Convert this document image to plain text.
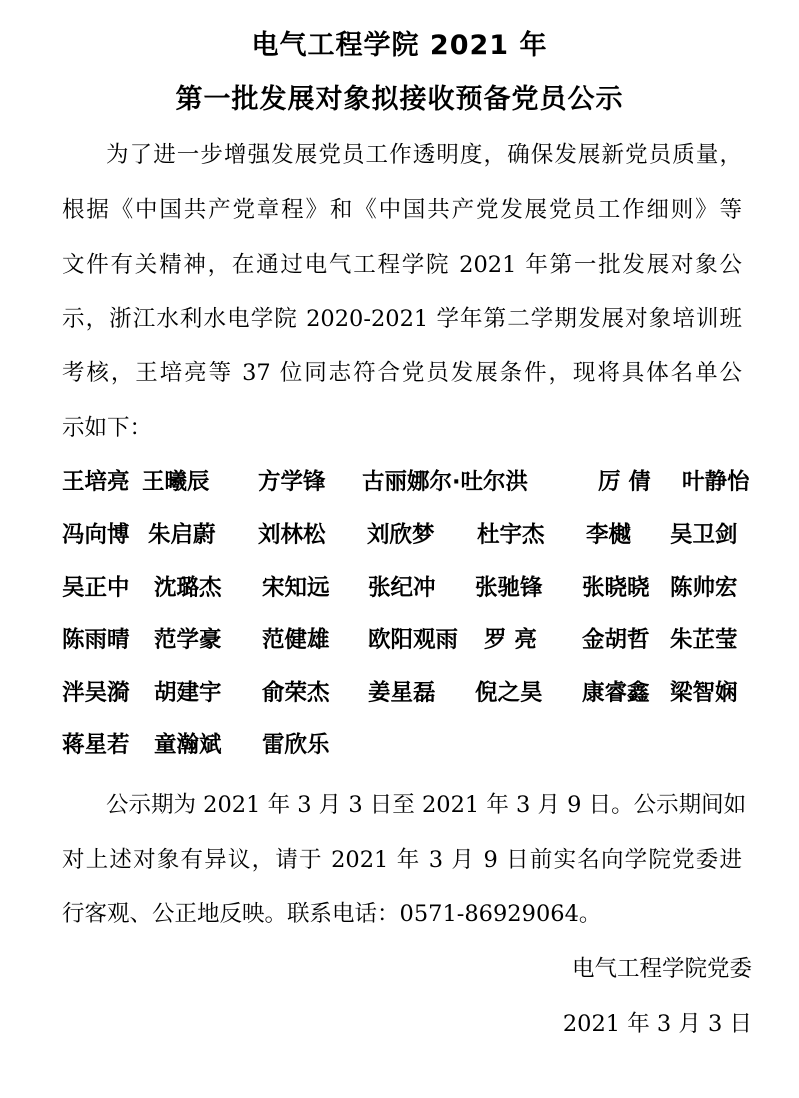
电气工程学院 2021 年
第一批发展对象拟接收预备党员公示
为了进一步增强发展党员工作透明度，确保发展新党员质量，
根据《中国共产党章程》和《中国共产党发展党员工作细则》等
文件有关精神，在通过电气工程学院 2021 年第一批发展对象公
示，浙江水利水电学院 2020-2021 学年第二学期发展对象培训班
考核，王培亮等 37 位同志符合党员发展条件，现将具体名单公
示如下：
王培亮 王曦辰 方学锋 古丽娜尔·吐尔洪	厉 倩 叶静怡
冯向博 朱启蔚 刘林松 刘欣梦 杜宇杰 李樾 吴卫剑
吴正中 沈璐杰 宋知远 张纪冲 张驰锋 张晓晓 陈帅宏
陈雨晴 范学豪 范健雄 欧阳观雨 罗 亮 金胡哲 朱芷莹
泮吴漪 胡建宇 俞荣杰 姜星磊 倪之昊 康睿鑫 梁智娴
蒋星若 童瀚斌 雷欣乐
公示期为 2021 年 3 月 3 日至 2021 年 3 月 9 日。公示期间如
对上述对象有异议，请于 2021 年 3 月 9 日前实名向学院党委进
行客观、公正地反映。联系电话：0571-86929064。
电气工程学院党委
2021 年 3 月 3 日
